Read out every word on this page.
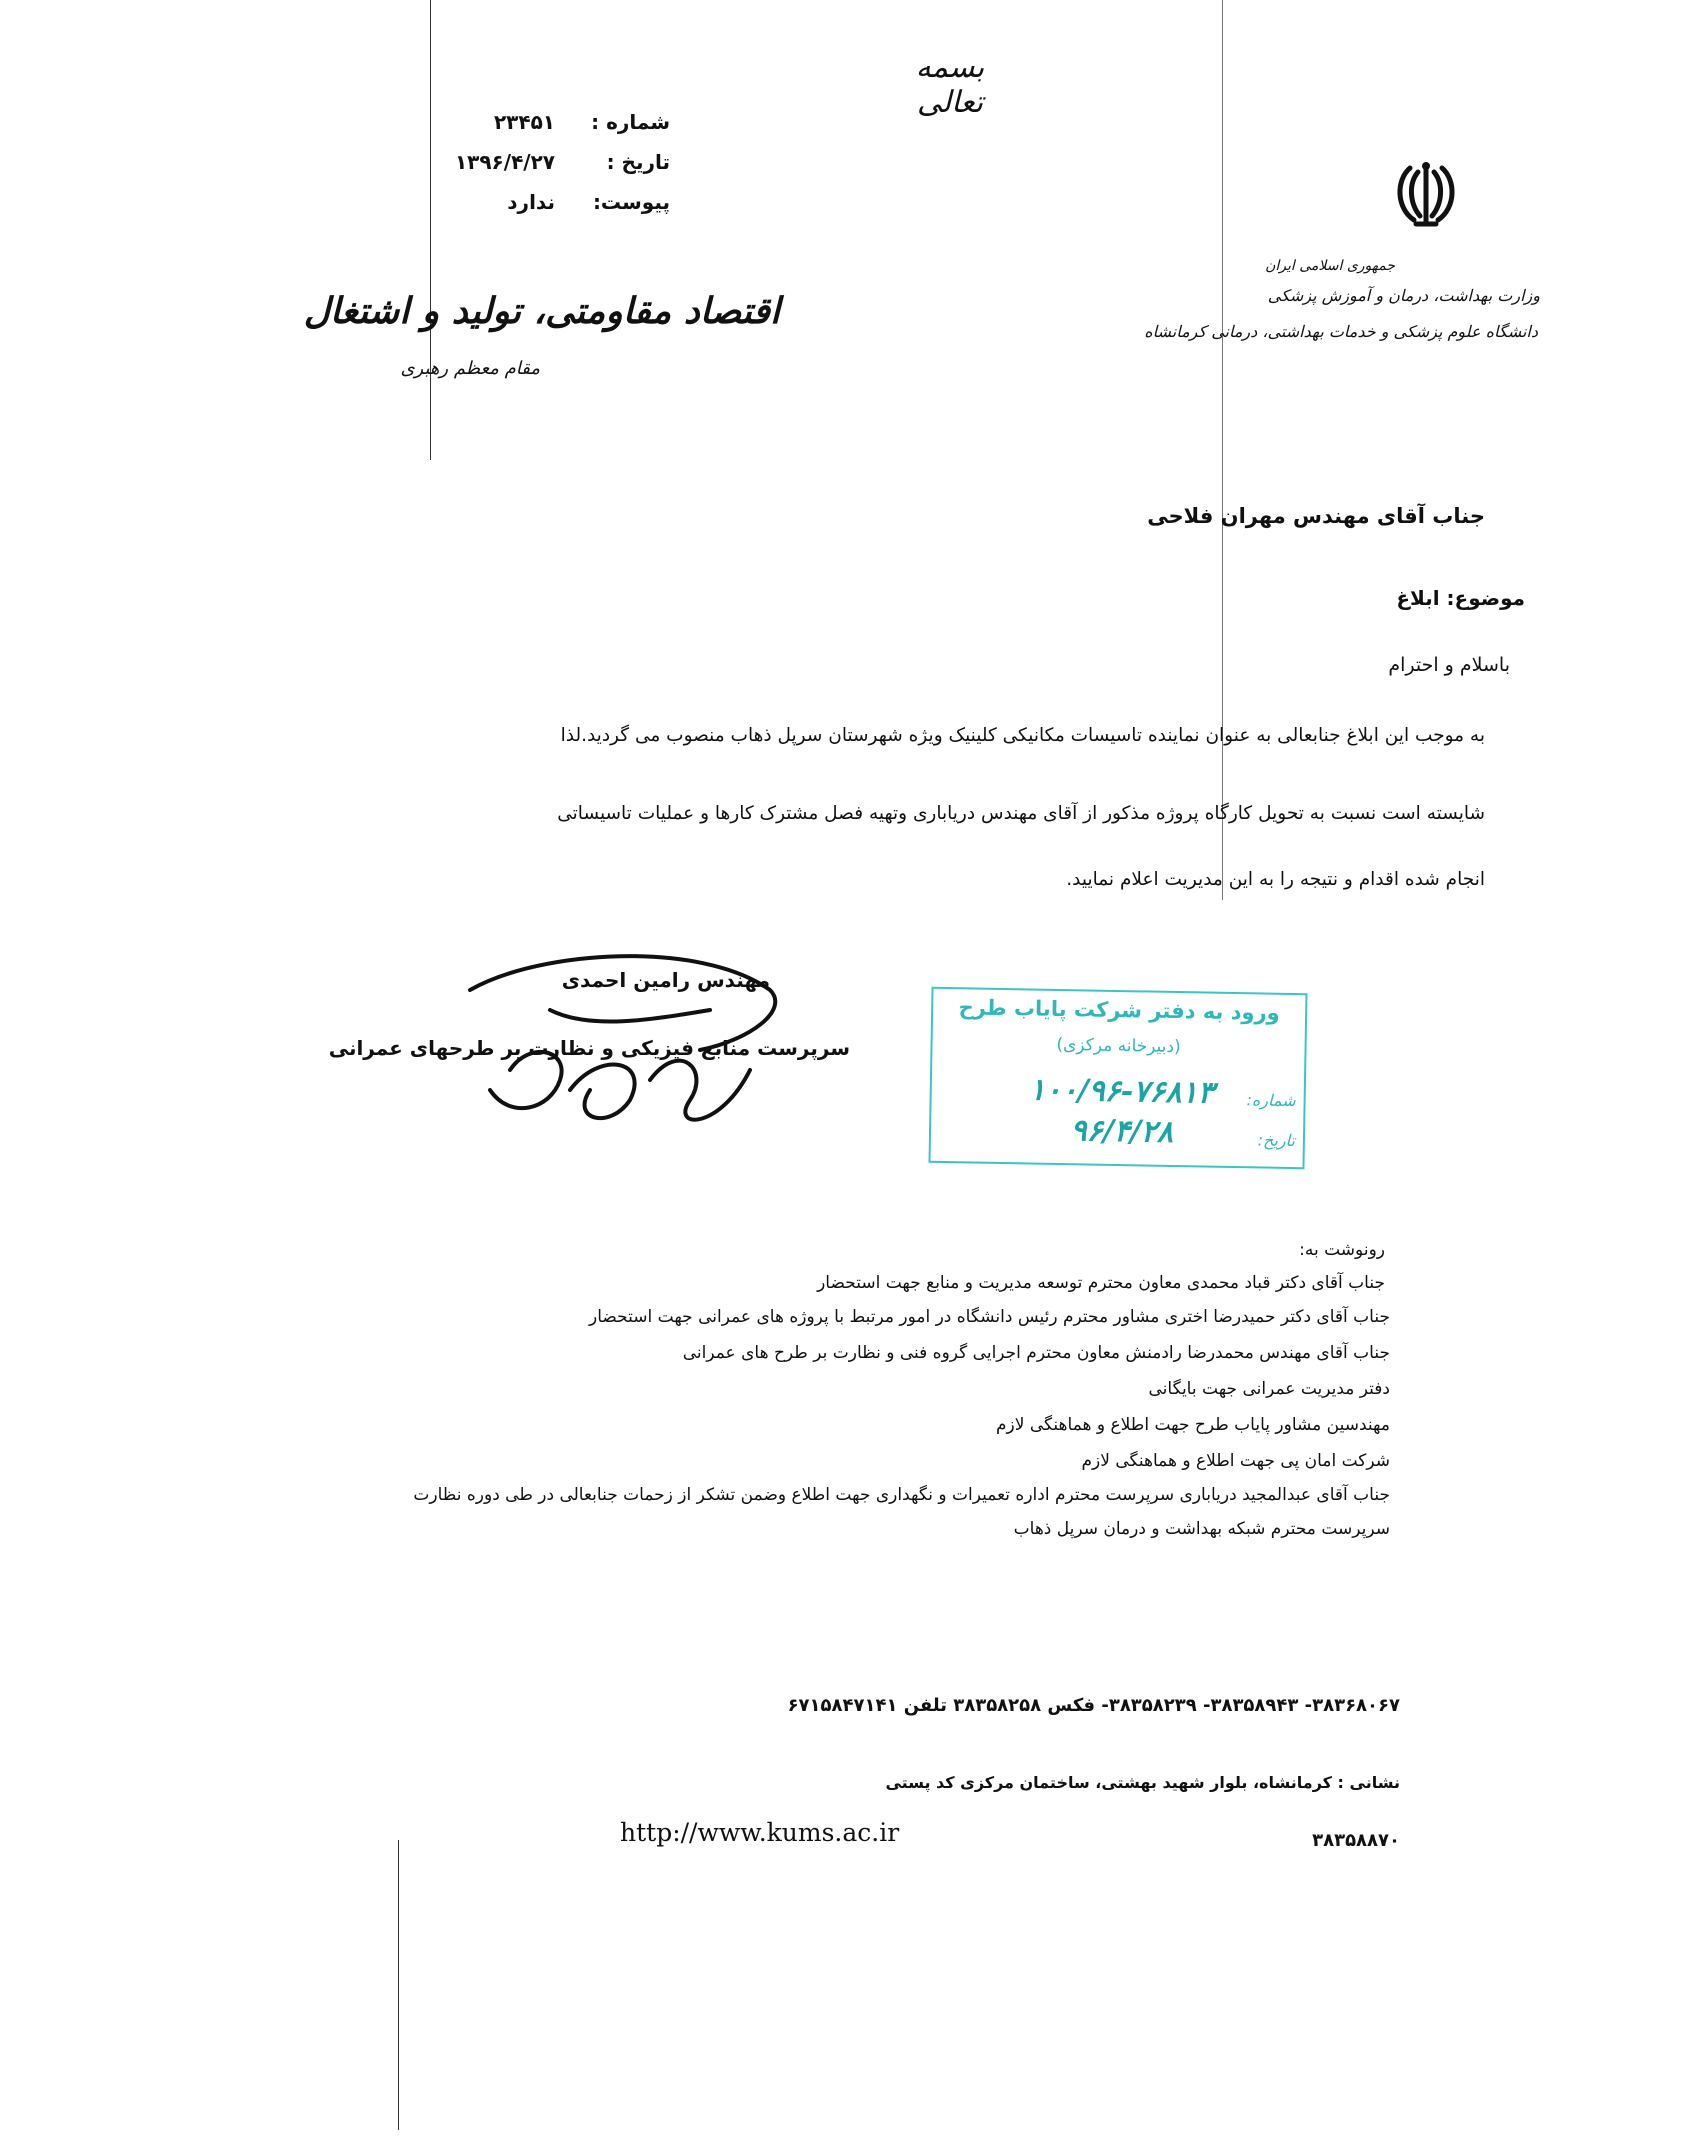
بسمه تعالی
شماره :
۲۳۴۵۱
تاریخ :
۱۳۹۶/۴/۲۷
پیوست:
ندارد
جمهوری اسلامی ایران
وزارت بهداشت، درمان و آموزش پزشکی
دانشگاه علوم پزشکی و خدمات بهداشتی، درمانی کرمانشاه
اقتصاد مقاومتی، تولید و اشتغال
مقام معظم رهبری
جناب آقای مهندس مهران فلاحی
موضوع: ابلاغ
باسلام و احترام

به موجب این ابلاغ جنابعالی به عنوان نماینده تاسیسات مکانیکی کلینیک ویژه شهرستان سرپل ذهاب منصوب می گردید.لذا

شایسته است نسبت به تحویل کارگاه پروژه مذکور از آقای مهندس دریاباری وتهیه فصل مشترک کارها و عملیات تاسیساتی

انجام شده اقدام و نتیجه را به این مدیریت اعلام نمایید.

مهندس رامین احمدی
سرپرست منابع فیزیکی و نظارت بر طرحهای عمرانی
ورود به دفتر شرکت پایاب طرح
(دبیرخانه مرکزی)
شماره:
۱۰۰/۹۶-۷۶۸۱۳
تاریخ:
۹۶/۴/۲۸
رونوشت به:
جناب آقای دکتر قباد محمدی معاون محترم توسعه مدیریت و منابع جهت استحضار
جناب آقای دکتر حمیدرضا اختری مشاور محترم رئیس دانشگاه در امور مرتبط با پروژه های عمرانی جهت استحضار
جناب آقای مهندس محمدرضا رادمنش معاون محترم اجرایی گروه فنی و نظارت بر طرح های عمرانی
دفتر مدیریت عمرانی جهت بایگانی
مهندسین مشاور پایاب طرح جهت اطلاع و هماهنگی لازم
شرکت امان پی جهت اطلاع و هماهنگی لازم
جناب آقای عبدالمجید دریاباری سرپرست محترم اداره تعمیرات و نگهداری جهت اطلاع وضمن تشکر از زحمات جنابعالی در طی دوره نظارت
سرپرست محترم شبکه بهداشت و درمان سرپل ذهاب
۳۸۳۶۸۰۶۷- ۳۸۳۵۸۹۴۳- ۳۸۳۵۸۲۳۹- فکس ۳۸۳۵۸۲۵۸ تلفن ۶۷۱۵۸۴۷۱۴۱
نشانی : کرمانشاه، بلوار شهید بهشتی، ساختمان مرکزی کد پستی
http://www.kums.ac.ir	۳۸۳۵۸۸۷۰
